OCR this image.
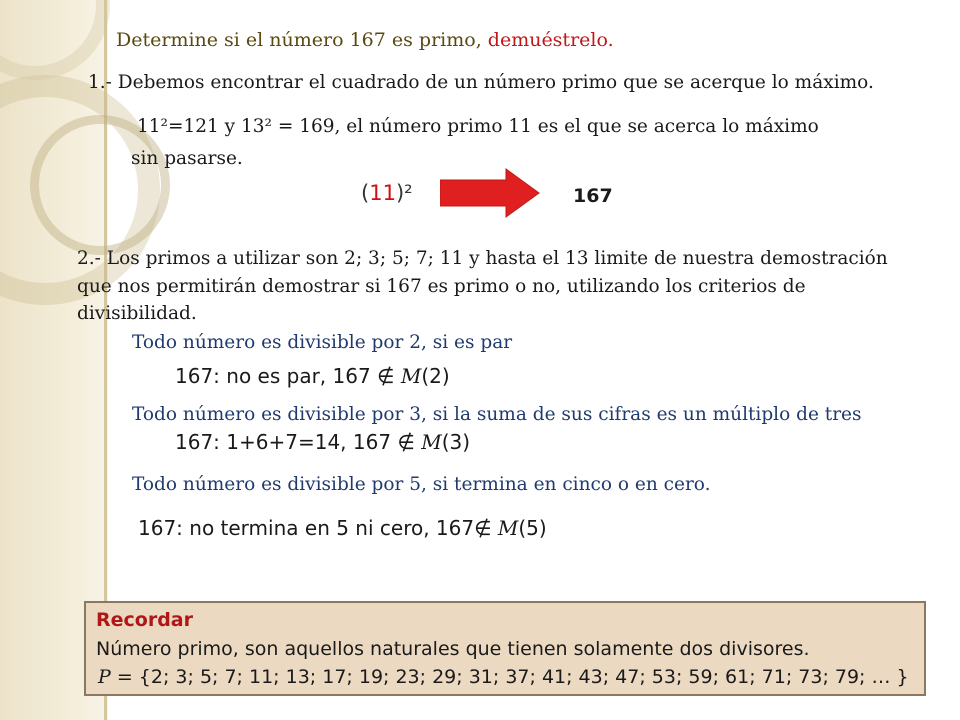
Determine si el número 167 es primo, demuéstrelo.
1.- Debemos encontrar el cuadrado de un número primo que se acerque lo máximo.
11²=121 y 13² = 169, el número primo 11 es el que se acerca lo máximo
sin pasarse.
(11)²	167
2.- Los primos a utilizar son 2; 3; 5; 7; 11 y hasta el 13 limite de nuestra demostración que nos permitirán demostrar si 167 es primo o no, utilizando los criterios de divisibilidad.
Todo número es divisible por 2, si es par
167: no es par, 167 ∉ M(2)
Todo número es divisible por 3, si la suma de sus cifras es un múltiplo de tres
167: 1+6+7=14, 167 ∉ M(3)
Todo número es divisible por 5, si termina en cinco o en cero.
167: no termina en 5 ni cero, 167∉ M(5)
Recordar
Número primo, son aquellos naturales que tienen solamente dos divisores.
P = {2; 3; 5; 7; 11; 13; 17; 19; 23; 29; 31; 37; 41; 43; 47; 53; 59; 61; 71; 73; 79; … }
